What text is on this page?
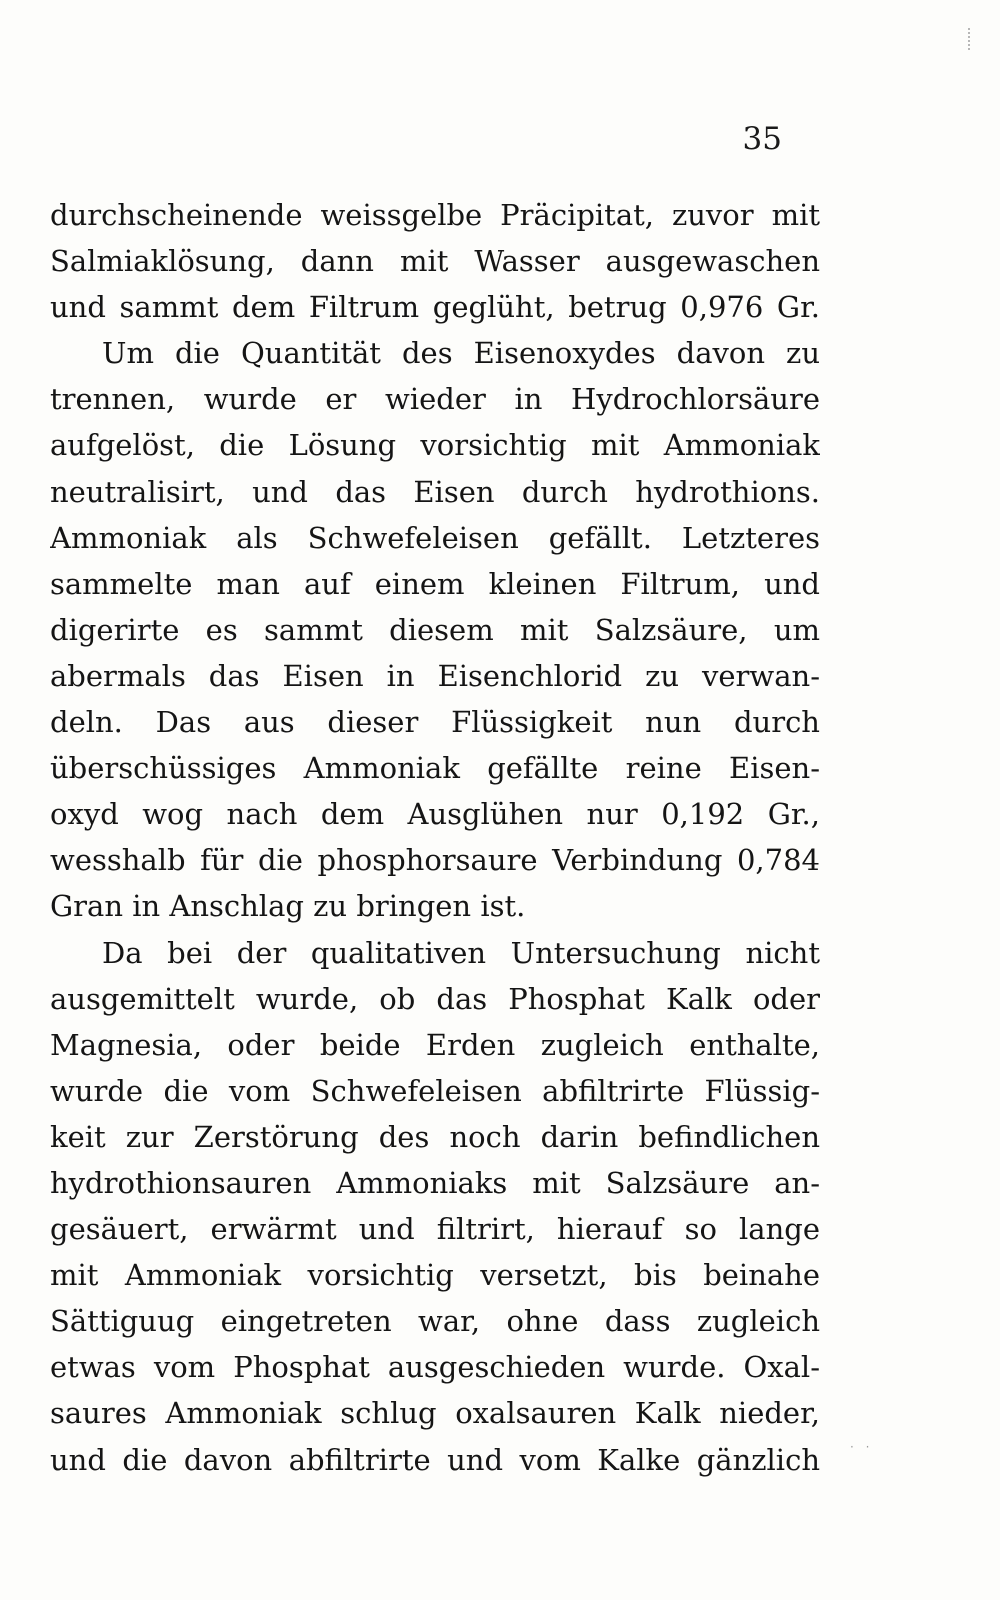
35
durchscheinende weissgelbe Präcipitat, zuvor mit
Salmiaklösung, dann mit Wasser ausgewaschen
und sammt dem Filtrum geglüht, betrug 0,976 Gr.
Um die Quantität des Eisenoxydes davon zu
trennen, wurde er wieder in Hydrochlorsäure
aufgelöst, die Lösung vorsichtig mit Ammoniak
neutralisirt, und das Eisen durch hydrothions.
Ammoniak als Schwefeleisen gefällt. Letzteres
sammelte man auf einem kleinen Filtrum, und
digerirte es sammt diesem mit Salzsäure, um
abermals das Eisen in Eisenchlorid zu verwan-
deln. Das aus dieser Flüssigkeit nun durch
überschüssiges Ammoniak gefällte reine Eisen-
oxyd wog nach dem Ausglühen nur 0,192 Gr.,
wesshalb für die phosphorsaure Verbindung 0,784
Gran in Anschlag zu bringen ist.
Da bei der qualitativen Untersuchung nicht
ausgemittelt wurde, ob das Phosphat Kalk oder
Magnesia, oder beide Erden zugleich enthalte,
wurde die vom Schwefeleisen abfiltrirte Flüssig-
keit zur Zerstörung des noch darin befindlichen
hydrothionsauren Ammoniaks mit Salzsäure an-
gesäuert, erwärmt und filtrirt, hierauf so lange
mit Ammoniak vorsichtig versetzt, bis beinahe
Sättiguug eingetreten war, ohne dass zugleich
etwas vom Phosphat ausgeschieden wurde. Oxal-
saures Ammoniak schlug oxalsauren Kalk nieder,
und die davon abfiltrirte und vom Kalke gänzlich	· ·
